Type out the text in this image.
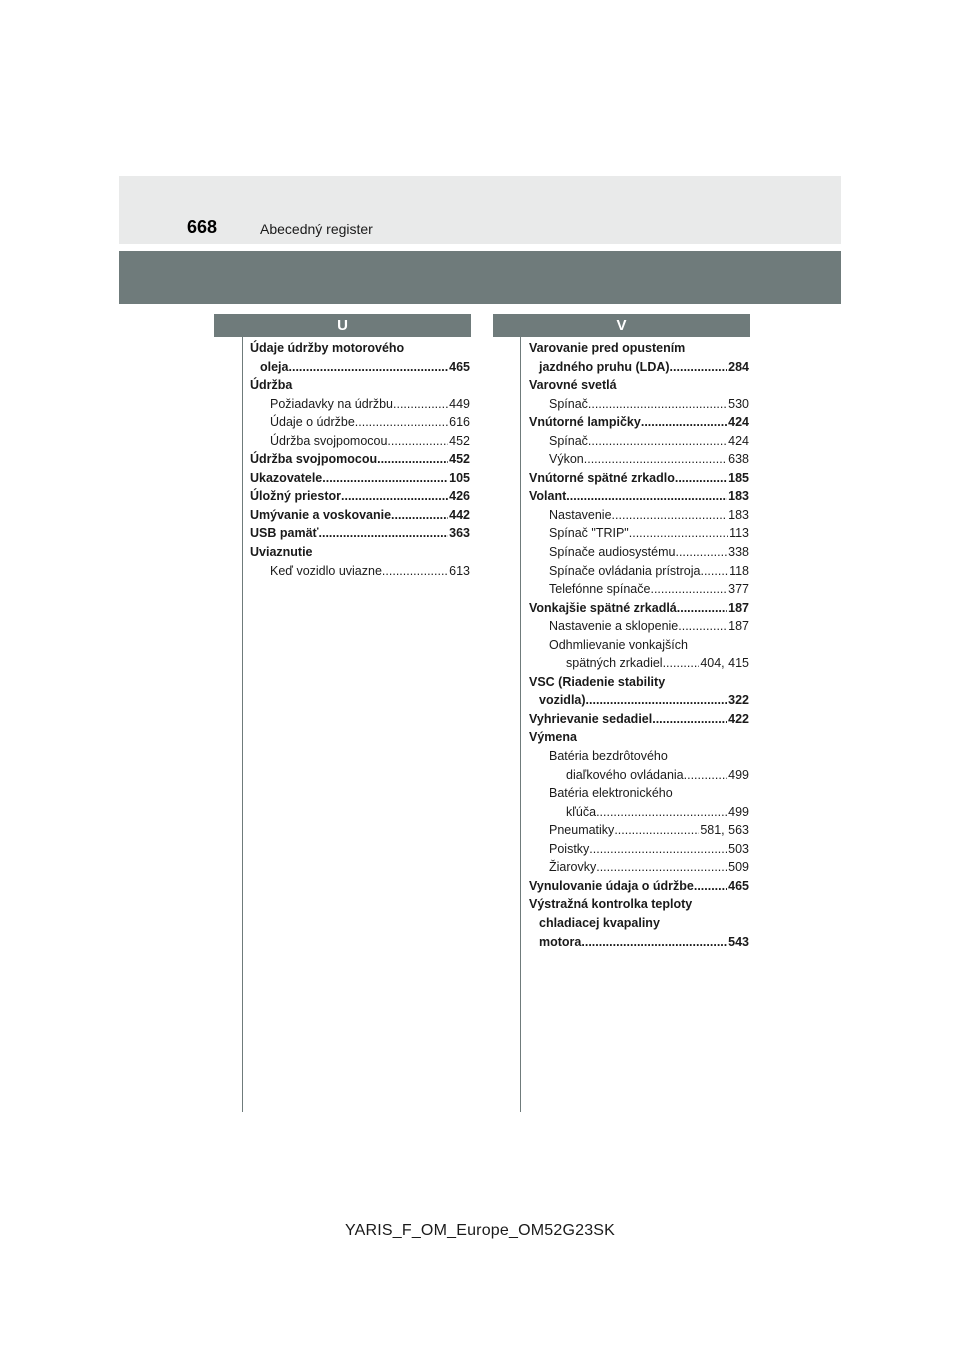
668	Abecedný register
U	V
Údaje údržby motorového
oleja .....	465
Údržba
Požiadavky na údržbu .....	449
Údaje o údržbe .....	616
Údržba svojpomocou .....	452
Údržba svojpomocou .....	452
Ukazovatele .....	105
Úložný priestor .....	426
Umývanie a voskovanie .....	442
USB pamäť .....	363
Uviaznutie
Keď vozidlo uviazne .....	613
Varovanie pred opustením
jazdného pruhu (LDA) .....	284
Varovné svetlá
Spínač .....	530
Vnútorné lampičky .....	424
Spínač .....	424
Výkon .....	638
Vnútorné spätné zrkadlo .....	185
Volant .....	183
Nastavenie .....	183
Spínač "TRIP" .....	113
Spínače audiosystému .....	338
Spínače ovládania prístroja ..... 118
Telefónne spínače .....	377
Vonkajšie spätné zrkadlá .....	187
Nastavenie a sklopenie .....	187
Odhmlievanie vonkajších
spätných zrkadiel .....	404, 415
VSC (Riadenie stability
vozidla) .....	322
Vyhrievanie sedadiel .....	422
Výmena
Batéria bezdrôtového
diaľkového ovládania .....	499
Batéria elektronického
kľúča .....	499
Pneumatiky .....	581, 563
Poistky .....	503
Žiarovky .....	509
Vynulovanie údaja o údržbe .....	465
Výstražná kontrolka teploty
chladiacej kvapaliny
motora .....	543
YARIS_F_OM_Europe_OM52G23SK
